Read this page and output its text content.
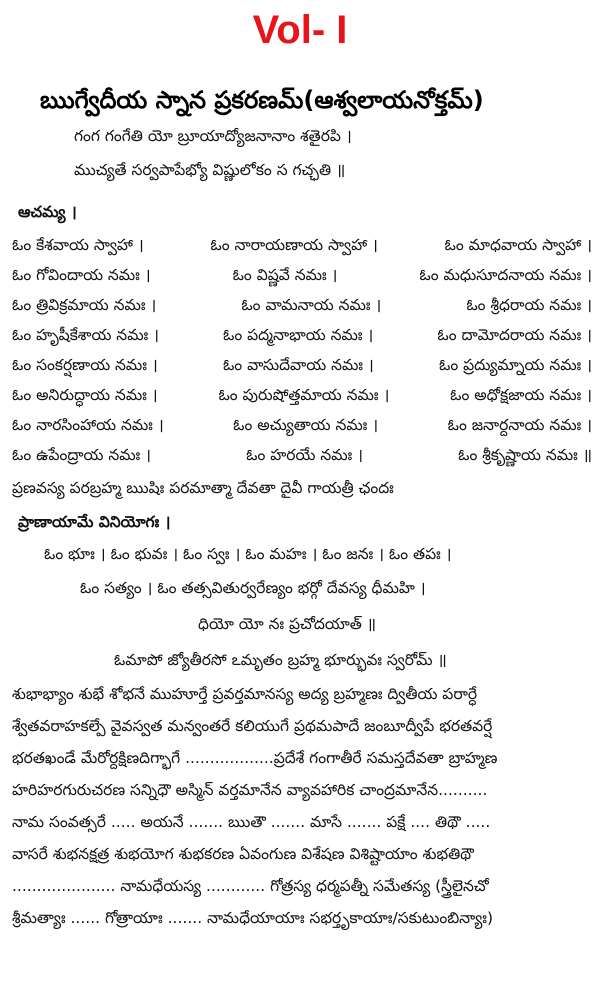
Vol- I
ఋగ్వేదీయ స్నాన ప్రకరణమ్(ఆశ్వలాయనోక్తమ్)
గంగ గంగేతి యో బ్రూయాద్యోజనానాం శతైరపి ।
ముచ్యతే సర్వపాపేభ్యో విష్ణులోకం స గచ్ఛతి ॥
ఆచమ్య ।
ఓం కేశవాయ స్వాహా ।	ఓం నారాయణాయ స్వాహా ।	ఓం మాధవాయ స్వాహా ।
ఓం గోవిందాయ నమః ।	ఓం విష్ణవే నమః ।	ఓం మధుసూదనాయ నమః ।
ఓం త్రివిక్రమాయ నమః ।	ఓం వామనాయ నమః ।	ఓం శ్రీధరాయ నమః ।
ఓం హృషీకేశాయ నమః ।	ఓం పద్మనాభాయ నమః ।	ఓం దామోదరాయ నమః ।
ఓం సంకర్షణాయ నమః ।	ఓం వాసుదేవాయ నమః ।	ఓం ప్రద్యుమ్నాయ నమః ।
ఓం అనిరుద్ధాయ నమః ।	ఓం పురుషోత్తమాయ నమః ।	ఓం అధోక్షజాయ నమః ।
ఓం నారసింహాయ నమః ।	ఓం అచ్యుతాయ నమః ।	ఓం జనార్దనాయ నమః ।
ఓం ఉపేంద్రాయ నమః ।	ఓం హరయే నమః ।	ఓం శ్రీకృష్ణాయ నమః ॥
ప్రణవస్య పరబ్రహ్మ ఋషిః పరమాత్మా దేవతా దైవీ గాయత్రీ ఛందః
ప్రాణాయామే వినియోగః ।
ఓం భూః । ఓం భువః । ఓం స్వః । ఓం మహః । ఓం జనః । ఓం తపః ।
ఓం సత్యం । ఓం తత్సవితుర్వరేణ్యం భర్గో దేవస్య ధీమహి ।
ధియో యో నః ప్రచోదయాత్ ॥
ఓమాపో జ్యోతీరసో ఽమృతం బ్రహ్మ భూర్భువః స్వరోమ్ ॥
శుభాభ్యాం శుభే శోభనే ముహూర్తే ప్రవర్తమానస్య అద్య బ్రహ్మణః ద్వితీయ పరార్ధే
శ్వేతవరాహకల్పే వైవస్వత మన్వంతరే కలియుగే ప్రథమపాదే జంబూద్వీపే భరతవర్షే
భరతఖండే మేరోర్దక్షిణదిగ్భాగే ..................ప్రదేశే గంగాతీరే సమస్తదేవతా బ్రాహ్మణ
హరిహరగురుచరణ సన్నిధౌ అస్మిన్ వర్తమానేన వ్యావహారిక చాంద్రమానేన..........
నామ సంవత్సరే ..... అయనే ....... ఋతౌ ....... మాసే ....... పక్షే .... తిథౌ .....
వాసరే శుభనక్షత్ర శుభయోగ శుభకరణ ఏవంగుణ విశేషణ విశిష్టాయాం శుభతిథౌ
..................... నామధేయస్య ............ గోత్రస్య ధర్మపత్నీ సమేతస్య (స్త్రీలైనచో
శ్రీమత్యాః ...... గోత్రాయాః ....... నామధేయాయాః సభర్తృకాయాః/సకుటుంబిన్యాః)
